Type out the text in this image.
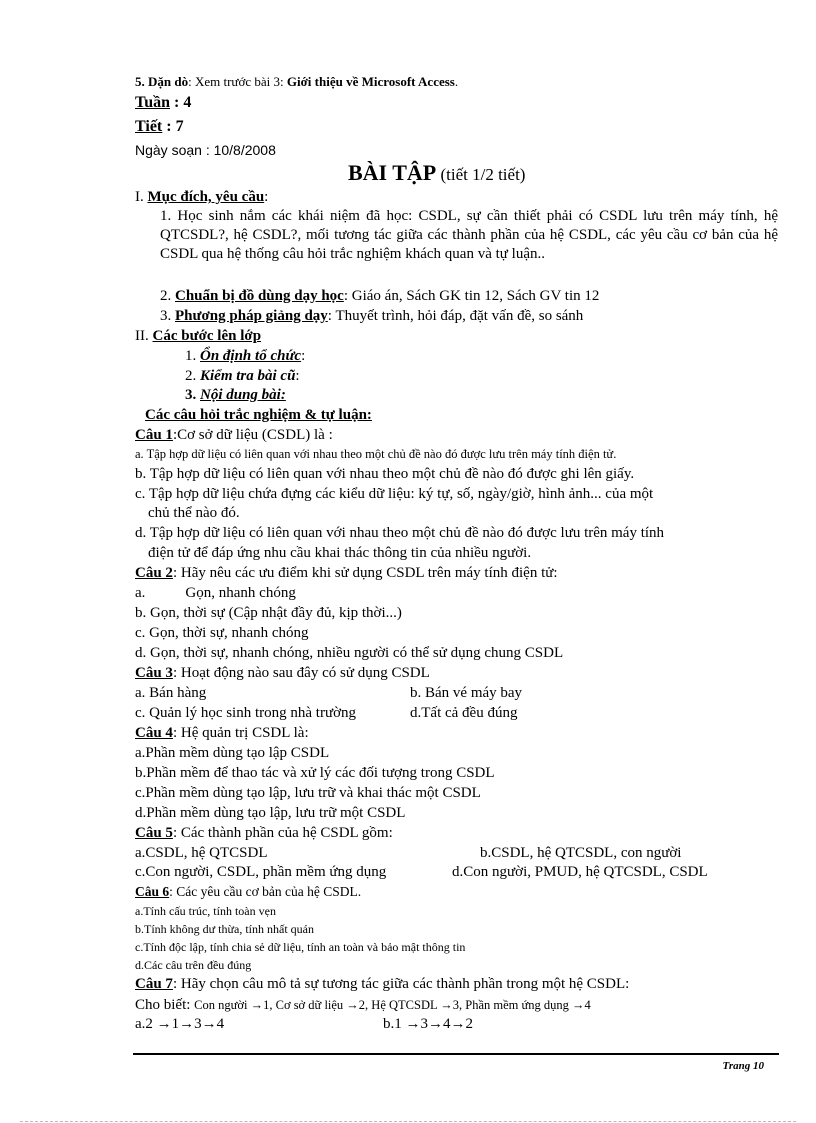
5. Dặn dò: Xem trước bài 3: Giới thiệu về Microsoft Access.
Tuần : 4
Tiết : 7
Ngày soạn : 10/8/2008
BÀI TẬP (tiết 1/2 tiết)
I. Mục đích, yêu cầu:
1. Học sinh nắm các khái niệm đã học: CSDL, sự cần thiết phải có CSDL lưu trên máy tính, hệ QTCSDL?, hệ CSDL?, mối tương tác giữa các thành phần của hệ CSDL, các yêu cầu cơ bản của hệ CSDL qua hệ thống câu hỏi trắc nghiệm khách quan và tự luận..
2. Chuẩn bị đồ dùng dạy học: Giáo án, Sách GK tin 12, Sách GV tin 12
3. Phương pháp giảng dạy: Thuyết trình, hỏi đáp, đặt vấn đề, so sánh
II. Các bước lên lớp
1. Ổn định tổ chức:
2. Kiểm tra bài cũ:
3. Nội dung bài:
Các câu hỏi trắc nghiệm & tự luận:
Câu 1:Cơ sở dữ liệu (CSDL) là :
a. Tập hợp dữ liệu có liên quan với nhau theo một chủ đề nào đó được lưu trên máy tính điện tử.
b. Tập hợp dữ liệu có liên quan với nhau theo một chủ đề nào đó được ghi lên giấy.
c. Tập hợp dữ liệu chứa đựng các kiểu dữ liệu: ký tự, số, ngày/giờ, hình ảnh... của một
chủ thể nào đó.
d. Tập hợp dữ liệu có liên quan với nhau theo một chủ đề nào đó được lưu trên máy tính
điện tử để đáp ứng nhu cầu khai thác thông tin của nhiều người.
Câu 2: Hãy nêu các ưu điểm khi sử dụng CSDL trên máy tính điện tử:
a.	Gọn, nhanh chóng
b. Gọn, thời sự (Cập nhật đầy đủ, kịp thời...)
c. Gọn, thời sự, nhanh chóng
d. Gọn, thời sự, nhanh chóng, nhiều người có thể sử dụng chung CSDL
Câu 3: Hoạt động nào sau đây có sử dụng CSDL
a. Bán hàng	b. Bán vé máy bay
c. Quản lý học sinh trong nhà trường	d.Tất cả đều đúng
Câu 4: Hệ quản trị CSDL là:
a.Phần mềm dùng tạo lập CSDL
b.Phần mềm để thao tác và xử lý các đối tượng trong CSDL
c.Phần mềm dùng tạo lập, lưu trữ và khai thác một CSDL
d.Phần mềm dùng tạo lập, lưu trữ một CSDL
Câu 5: Các thành phần của hệ CSDL gồm:
a.CSDL, hệ QTCSDL	b.CSDL, hệ QTCSDL, con người
c.Con người, CSDL, phần mềm ứng dụng	d.Con người, PMUD, hệ QTCSDL, CSDL
Câu 6: Các yêu cầu cơ bản của hệ CSDL.
a.Tính cấu trúc, tính toàn vẹn
b.Tính không dư thừa, tính nhất quán
c.Tính độc lập, tính chia sẻ dữ liệu, tính an toàn và bảo mật thông tin
d.Các câu trên đều đúng
Câu 7: Hãy chọn câu mô tả sự tương tác giữa các thành phần trong một hệ CSDL:
Cho biết: Con người →1, Cơ sở dữ liệu →2, Hệ QTCSDL →3, Phần mềm ứng dụng →4
a.2 →1→3→4	b.1 →3→4→2
Trang 10
